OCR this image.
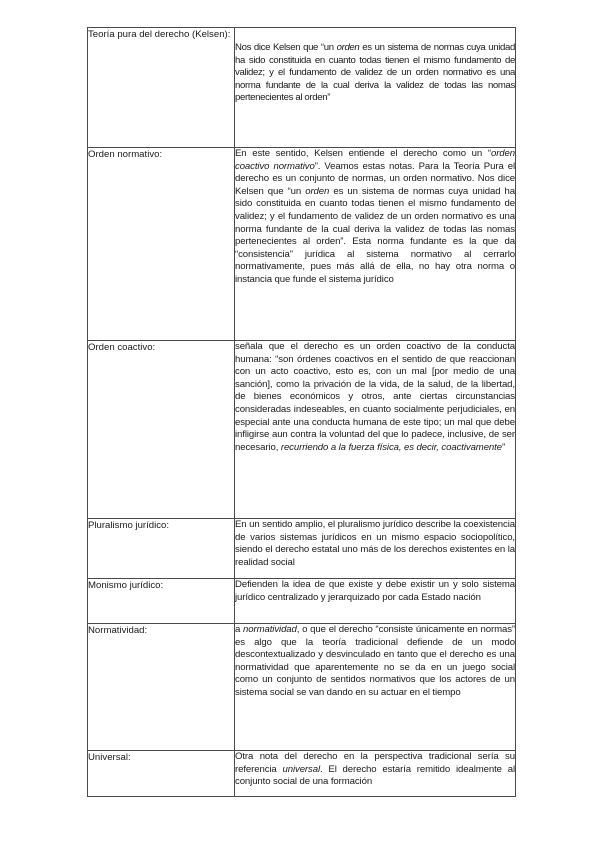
Teoría pura del derecho (Kelsen):	Nos dice Kelsen que “un orden es un sistema de normas cuya unidad ha sido constituida en cuanto todas tienen el mismo fundamento de validez; y el fundamento de validez de un orden normativo es una norma fundante de la cual deriva la validez de todas las nomas pertenecientes al orden”
Orden normativo:	En este sentido, Kelsen entiende el derecho como un “orden coactivo normativo”. Veamos estas notas. Para la Teoría Pura el derecho es un conjunto de normas, un orden normativo. Nos dice Kelsen que “un orden es un sistema de normas cuya unidad ha sido constituida en cuanto todas tienen el mismo fundamento de validez; y el fundamento de validez de un orden normativo es una norma fundante de la cual deriva la validez de todas las nomas pertenecientes al orden”. Esta norma fundante es la que da “consistencia” jurídica al sistema normativo al cerrarlo normativamente, pues más allá de ella, no hay otra norma o instancia que funde el sistema jurídico
Orden coactivo:	señala que el derecho es un orden coactivo de la conducta humana: “son órdenes coactivos en el sentido de que reaccionan con un acto coactivo, esto es, con un mal [por medio de una sanción], como la privación de la vida, de la salud, de la libertad, de bienes económicos y otros, ante ciertas circunstancias consideradas indeseables, en cuanto socialmente perjudiciales, en especial ante una conducta humana de este tipo; un mal que debe infligirse aun contra la voluntad del que lo padece, inclusive, de ser necesario, recurriendo a la fuerza física, es decir, coactivamente”
Pluralismo jurídico:	En un sentido amplio, el pluralismo jurídico describe la coexistencia de varios sistemas jurídicos en un mismo espacio sociopolítico, siendo el derecho estatal uno más de los derechos existentes en la realidad social
Monismo jurídico:	Defienden la idea de que existe y debe existir un y solo sistema jurídico centralizado y jerarquizado por cada Estado nación
Normatividad:	a normatividad, o que el derecho “consiste únicamente en normas” es algo que la teoría tradicional defiende de un modo descontextualizado y desvinculado en tanto que el derecho es una normatividad que aparentemente no se da en un juego social como un conjunto de sentidos normativos que los actores de un sistema social se van dando en su actuar en el tiempo
Universal:	Otra nota del derecho en la perspectiva tradicional sería su referencia universal. El derecho estaría remitido idealmente al conjunto social de una formación
